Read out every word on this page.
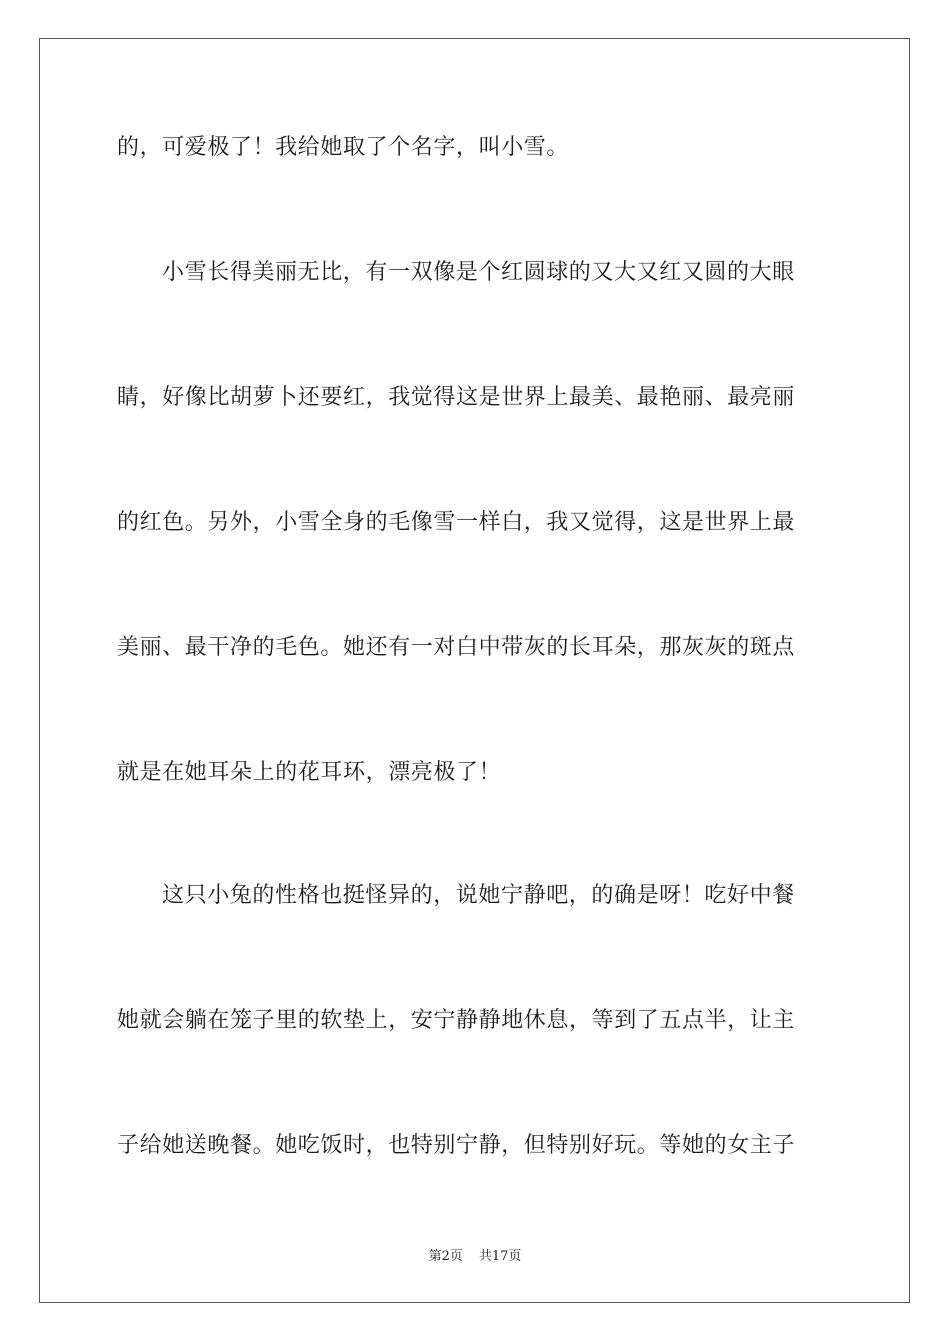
的，可爱极了！我给她取了个名字，叫小雪。
小雪长得美丽无比，有一双像是个红圆球的又大又红又圆的大眼
睛，好像比胡萝卜还要红，我觉得这是世界上最美、最艳丽、最亮丽
的红色。另外，小雪全身的毛像雪一样白，我又觉得，这是世界上最
美丽、最干净的毛色。她还有一对白中带灰的长耳朵，那灰灰的斑点
就是在她耳朵上的花耳环，漂亮极了！
这只小兔的性格也挺怪异的，说她宁静吧，的确是呀！吃好中餐
她就会躺在笼子里的软垫上，安宁静静地休息，等到了五点半，让主
子给她送晚餐。她吃饭时，也特别宁静，但特别好玩。等她的女主子
第2页 共17页
